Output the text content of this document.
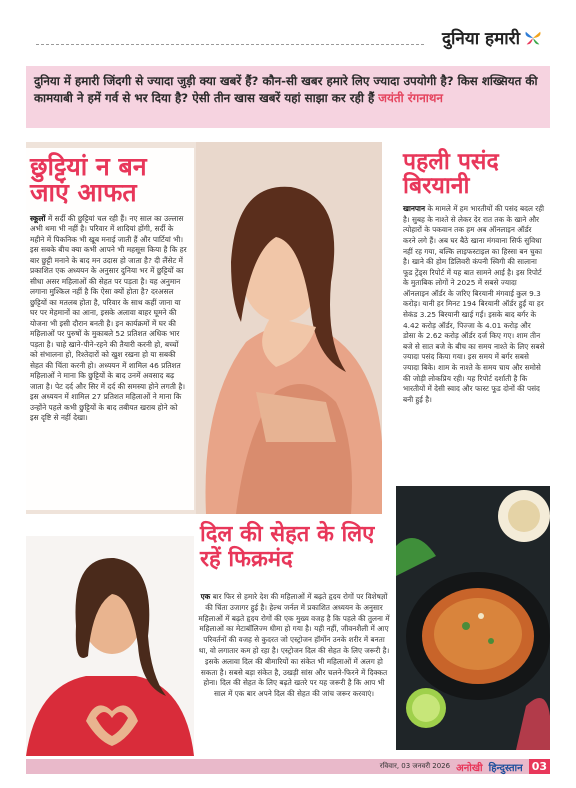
दुनिया हमारी

दुनिया में हमारी जिंदगी से ज्यादा जुड़ी क्या खबरें हैं? कौन-सी खबर हमारे लिए ज्यादा उपयोगी है? किस शख्सियत की कामयाबी ने हमें गर्व से भर दिया है? ऐसी तीन खास खबरें यहां साझा कर रही हैं जयंती रंगनाथन

छुट्टियां न बन जाएं आफत

स्कूलों में सर्दी की छुट्टियां चल रही हैं। नए साल का उल्लास अभी थमा भी नहीं है। परिवार में शादियां होंगी, सर्दी के महीने में पिकनिक भी खूब मनाई जाती हैं और पार्टियां भी। इस सबके बीच क्या कभी आपने भी महसूस किया है कि हर बार छुट्टी मनाने के बाद मन उदास हो जाता है? दी लैंसेट में प्रकाशित एक अध्ययन के अनुसार दुनिया भर में छुट्टियों का सीधा असर महिलाओं की सेहत पर पड़ता है। यह अनुमान लगाना मुश्किल नहीं है कि ऐसा क्यों होता है? दरअसल छुट्टियों का मतलब होता है, परिवार के साथ कहीं जाना या घर पर मेहमानों का आना, इसके अलावा बाहर घूमने की योजना भी इसी दौरान बनती है। इन कार्यक्रमों में घर की महिलाओं पर पुरुषों के मुकाबले 52 प्रतिशत अधिक भार पड़ता है। चाहे खाने-पीने-रहने की तैयारी करनी हो, बच्चों को संभालना हो, रिश्तेदारों को खुश रखना हो या सबकी सेहत की चिंता करनी हो। अध्ययन में शामिल 46 प्रतिशत महिलाओं ने माना कि छुट्टियों के बाद उनमें अवसाद बढ़ जाता है। पेट दर्द और सिर में दर्द की समस्या होने लगती है। इस अध्ययन में शामिल 27 प्रतिशत महिलाओं ने माना कि उन्होंने पहले कभी छुट्टियों के बाद तबीयत खराब होने को इस दृष्टि से नहीं देखा।

पहली पसंद बिरयानी

खानपान के मामले में हम भारतीयों की पसंद बदल रही है। सुबह के नाश्ते से लेकर देर रात तक के खाने और त्योहारों के पकवान तक हम अब ऑनलाइन ऑर्डर करने लगे हैं। अब घर बैठे खाना मंगवाना सिर्फ सुविधा नहीं रह गया, बल्कि लाइफस्टाइल का हिस्सा बन चुका है। खाने की होम डिलिवरी कंपनी स्विगी की सालाना फूड ट्रेंड्स रिपोर्ट में यह बात सामने आई है। इस रिपोर्ट के मुताबिक लोगों ने 2025 में सबसे ज्यादा ऑनलाइन ऑर्डर के जरिए बिरयानी मंगवाई कुल 9.3 करोड़। यानी हर मिनट 194 बिरयानी ऑर्डर हुईं या हर सेकंड 3.25 बिरयानी खाई गईं। इसके बाद बर्गर के 4.42 करोड़ ऑर्डर, पिज्जा के 4.01 करोड़ और डोसा के 2.62 करोड़ ऑर्डर दर्ज किए गए। शाम तीन बजे से सात बजे के बीच का समय नाश्ते के लिए सबसे ज्यादा पसंद किया गया। इस समय में बर्गर सबसे ज्यादा बिके। शाम के नाश्ते के समय चाय और समोसे की जोड़ी लोकप्रिय रही। यह रिपोर्ट दर्शाती है कि भारतीयों में देसी स्वाद और फास्ट फूड दोनों की पसंद बनी हुई है।

दिल की सेहत के लिए रहें फिक्रमंद

एक बार फिर से हमारे देश की महिलाओं में बढ़ते हृदय रोगों पर विशेषज्ञों की चिंता उजागर हुई है। हेल्थ जर्नल में प्रकाशित अध्ययन के अनुसार महिलाओं में बढ़ते हृदय रोगों की एक मुख्य वजह है कि पहले की तुलना में महिलाओं का मेटाबॉलिज्म धीमा हो गया है। यही नहीं, जीवनशैली में आए परिवर्तनों की वजह से कुदरत जो एस्ट्रोजन हॉर्मोन उनके शरीर में बनता था, वो लगातार कम हो रहा है। एस्ट्रोजन दिल की सेहत के लिए जरूरी है। इसके अलावा दिल की बीमारियों का संकेत भी महिलाओं में अलग हो सकता है। सबसे बड़ा संकेत है, उखड़ी सांस और चलने-फिरने में दिक्कत होना। दिल की सेहत के लिए बढ़ते खतरे पर यह जरूरी है कि आप भी साल में एक बार अपने दिल की सेहत की जांच जरूर करवाएं।

रविवार, 03 जनवरी 2026 अनोखी हिन्दुस्तान 03
